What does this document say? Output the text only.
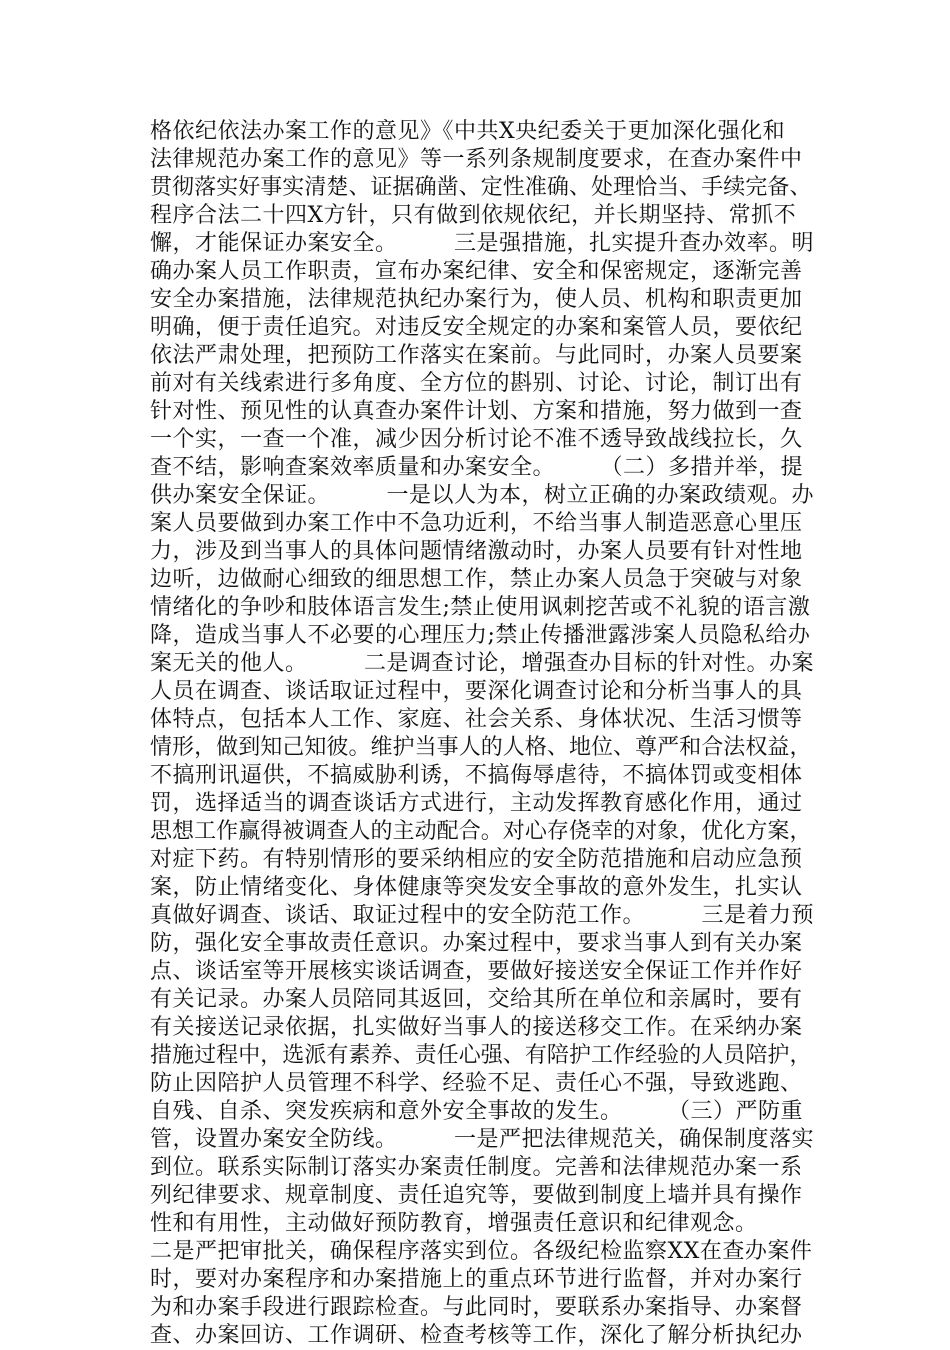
格依纪依法办案工作的意见》《中共Ⅹ央纪委关于更加深化强化和
法律规范办案工作的意见》等一系列条规制度要求，在查办案件中
贯彻落实好事实清楚、证据确凿、定性准确、处理恰当、手续完备、
程序合法二十四Ⅹ方针，只有做到依规依纪，并长期坚持、常抓不
懈，才能保证办案安全。　　　三是强措施，扎实提升查办效率。明
确办案人员工作职责，宣布办案纪律、安全和保密规定，逐渐完善
安全办案措施，法律规范执纪办案行为，使人员、机构和职责更加
明确，便于责任追究。对违反安全规定的办案和案管人员，要依纪
依法严肃处理，把预防工作落实在案前。与此同时，办案人员要案
前对有关线索进行多角度、全方位的斟别、讨论、讨论，制订出有
针对性、预见性的认真查办案件计划、方案和措施，努力做到一查
一个实，一查一个准，减少因分析讨论不准不透导致战线拉长，久
查不结，影响查案效率质量和办案安全。　　　（二）多措并举，提
供办案安全保证。　　　一是以人为本，树立正确的办案政绩观。办
案人员要做到办案工作中不急功近利，不给当事人制造恶意心里压
力，涉及到当事人的具体问题情绪激动时，办案人员要有针对性地
边听，边做耐心细致的细思想工作，禁止办案人员急于突破与对象
情绪化的争吵和肢体语言发生;禁止使用讽刺挖苦或不礼貌的语言激
降，造成当事人不必要的心理压力;禁止传播泄露涉案人员隐私给办
案无关的他人。　　　二是调查讨论，增强查办目标的针对性。办案
人员在调查、谈话取证过程中，要深化调查讨论和分析当事人的具
体特点，包括本人工作、家庭、社会关系、身体状况、生活习惯等
情形，做到知己知彼。维护当事人的人格、地位、尊严和合法权益，
不搞刑讯逼供，不搞威胁利诱，不搞侮辱虐待，不搞体罚或变相体
罚，选择适当的调查谈话方式进行，主动发挥教育感化作用，通过
思想工作赢得被调查人的主动配合。对心存侥幸的对象，优化方案，
对症下药。有特别情形的要采纳相应的安全防范措施和启动应急预
案，防止情绪变化、身体健康等突发安全事故的意外发生，扎实认
真做好调查、谈话、取证过程中的安全防范工作。　　　三是着力预
防，强化安全事故责任意识。办案过程中，要求当事人到有关办案
点、谈话室等开展核实谈话调查，要做好接送安全保证工作并作好
有关记录。办案人员陪同其返回，交给其所在单位和亲属时，要有
有关接送记录依据，扎实做好当事人的接送移交工作。在采纳办案
措施过程中，选派有素养、责任心强、有陪护工作经验的人员陪护，
防止因陪护人员管理不科学、经验不足、责任心不强，导致逃跑、
自残、自杀、突发疾病和意外安全事故的发生。　　　（三）严防重
管，设置办案安全防线。　　　一是严把法律规范关，确保制度落实
到位。联系实际制订落实办案责任制度。完善和法律规范办案一系
列纪律要求、规章制度、责任追究等，要做到制度上墙并具有操作
性和有用性，主动做好预防教育，增强责任意识和纪律观念。
二是严把审批关，确保程序落实到位。各级纪检监察XX在查办案件
时，要对办案程序和办案措施上的重点环节进行监督，并对办案行
为和办案手段进行跟踪检查。与此同时，要联系办案指导、办案督
查、办案回访、工作调研、检查考核等工作，深化了解分析执纪办
